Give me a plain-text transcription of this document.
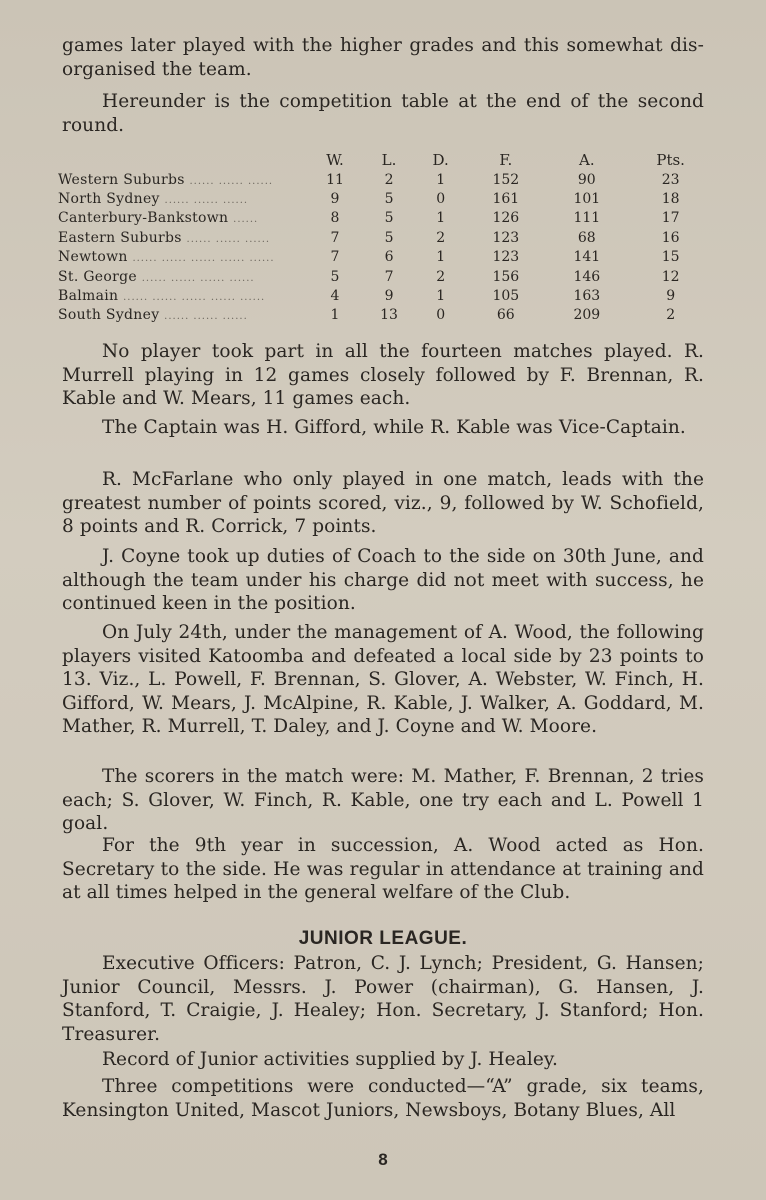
games later played with the higher grades and this somewhat dis-organised the team.
Hereunder is the competition table at the end of the second round.
	W.	L.	D.	F.	A.	Pts.
Western Suburbs ...... ...... ......	11	2	1	152	90	23
North Sydney ...... ...... ......	9	5	0	161	101	18
Canterbury-Bankstown ......	8	5	1	126	111	17
Eastern Suburbs ...... ...... ......	7	5	2	123	68	16
Newtown ...... ...... ...... ...... ......	7	6	1	123	141	15
St. George ...... ...... ...... ......	5	7	2	156	146	12
Balmain ...... ...... ...... ...... ......	4	9	1	105	163	9
South Sydney ...... ...... ......	1	13	0	66	209	2
No player took part in all the fourteen matches played. R. Murrell playing in 12 games closely followed by F. Brennan, R. Kable and W. Mears, 11 games each.
The Captain was H. Gifford, while R. Kable was Vice-Captain.
R. McFarlane who only played in one match, leads with the greatest number of points scored, viz., 9, followed by W. Schofield, 8 points and R. Corrick, 7 points.
J. Coyne took up duties of Coach to the side on 30th June, and although the team under his charge did not meet with success, he continued keen in the position.
On July 24th, under the management of A. Wood, the following players visited Katoomba and defeated a local side by 23 points to 13. Viz., L. Powell, F. Brennan, S. Glover, A. Webster, W. Finch, H. Gifford, W. Mears, J. McAlpine, R. Kable, J. Walker, A. Goddard, M. Mather, R. Murrell, T. Daley, and J. Coyne and W. Moore.
The scorers in the match were: M. Mather, F. Brennan, 2 tries each; S. Glover, W. Finch, R. Kable, one try each and L. Powell 1 goal.
For the 9th year in succession, A. Wood acted as Hon. Secretary to the side. He was regular in attendance at training and at all times helped in the general welfare of the Club.
JUNIOR LEAGUE.
Executive Officers: Patron, C. J. Lynch; President, G. Hansen; Junior Council, Messrs. J. Power (chairman), G. Hansen, J. Stanford, T. Craigie, J. Healey; Hon. Secretary, J. Stanford; Hon. Treasurer.
Record of Junior activities supplied by J. Healey.
Three competitions were conducted—“A” grade, six teams, Kensington United, Mascot Juniors, Newsboys, Botany Blues, All
8
